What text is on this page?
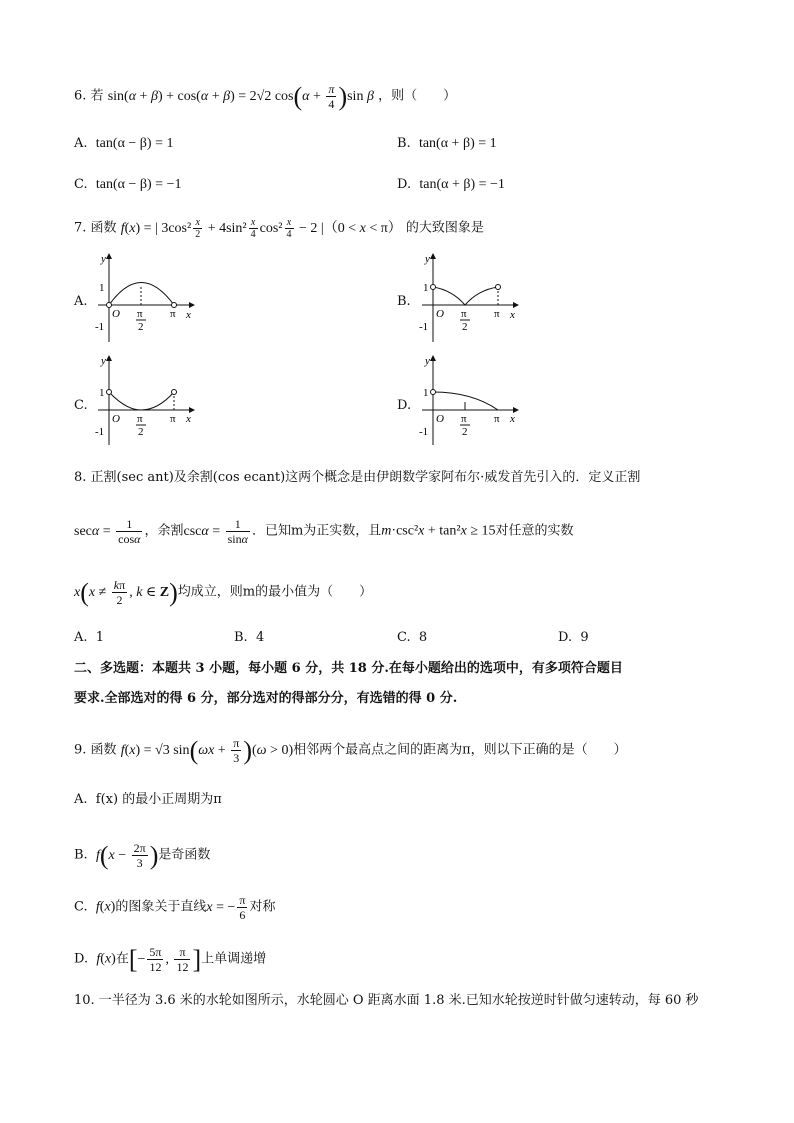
6. 若 sin(α + β) + cos(α + β) = 2√2 $\cos(\alpha + \frac{\pi}{4} )\sin$ β ，则（　　）
A. tan(α − β) = 1	B. tan(α + β) = 1
C. tan(α − β) = −1	D. tan(α + β) = −1
7. 函数 f(x) = | $3\cos^2 \frac{x}{2} + 4\sin^2 \frac{x}{4} \cos^2 \frac{x}{4} - 2$ |（0 < x < π） 的大致图象是
A.	B.
C.	D.
y
x
1
-1
O π
2
π
y
x
1
-1
O π
2
π
y
x
1
-1
O π
2
π
y
x
1
-1
O π
2
π
8. 正割(sec ant)及余割(cos ecant)这两个概念是由伊朗数学家阿布尔·威发首先引入的．定义正割
$\sec\alpha = \frac{1}{\cos\alpha}$ ，余割$\csc\alpha = \frac{1}{\sin\alpha}$ ．已知m为正实数，且m·csc²x + tan²x ≥ 15对任意的实数
$x(x \ne \frac{k\pi}{2}$ , k ∈ Z)均成立，则m的最小值为（　　）
A. 1	B. 4	C. 8	D. 9
二、多选题：本题共 3 小题，每小题 6 分，共 18 分.在每小题给出的选项中，有多项符合题目
要求.全部选对的得 6 分，部分选对的得部分分，有选错的得 0 分.
9. 函数 f(x) = √3 $\sin(\omega x + \frac{\pi}{3} )(\omega > 0)$相邻两个最高点之间的距离为π，则以下正确的是（　　）
A. f(x) 的最小正周期为π
B. $f(x - \frac{2\pi}{3}$ )是奇函数
C. f(x)的图象关于直线x = − $\frac{\pi}{6}$ 对称
D. f(x)在[− $\frac{5\pi}{12}$ , $\frac{\pi}{12}$ ]上单调递增
10. 一半径为 3.6 米的水轮如图所示，水轮圆心 O 距离水面 1.8 米.已知水轮按逆时针做匀速转动，每 60 秒
